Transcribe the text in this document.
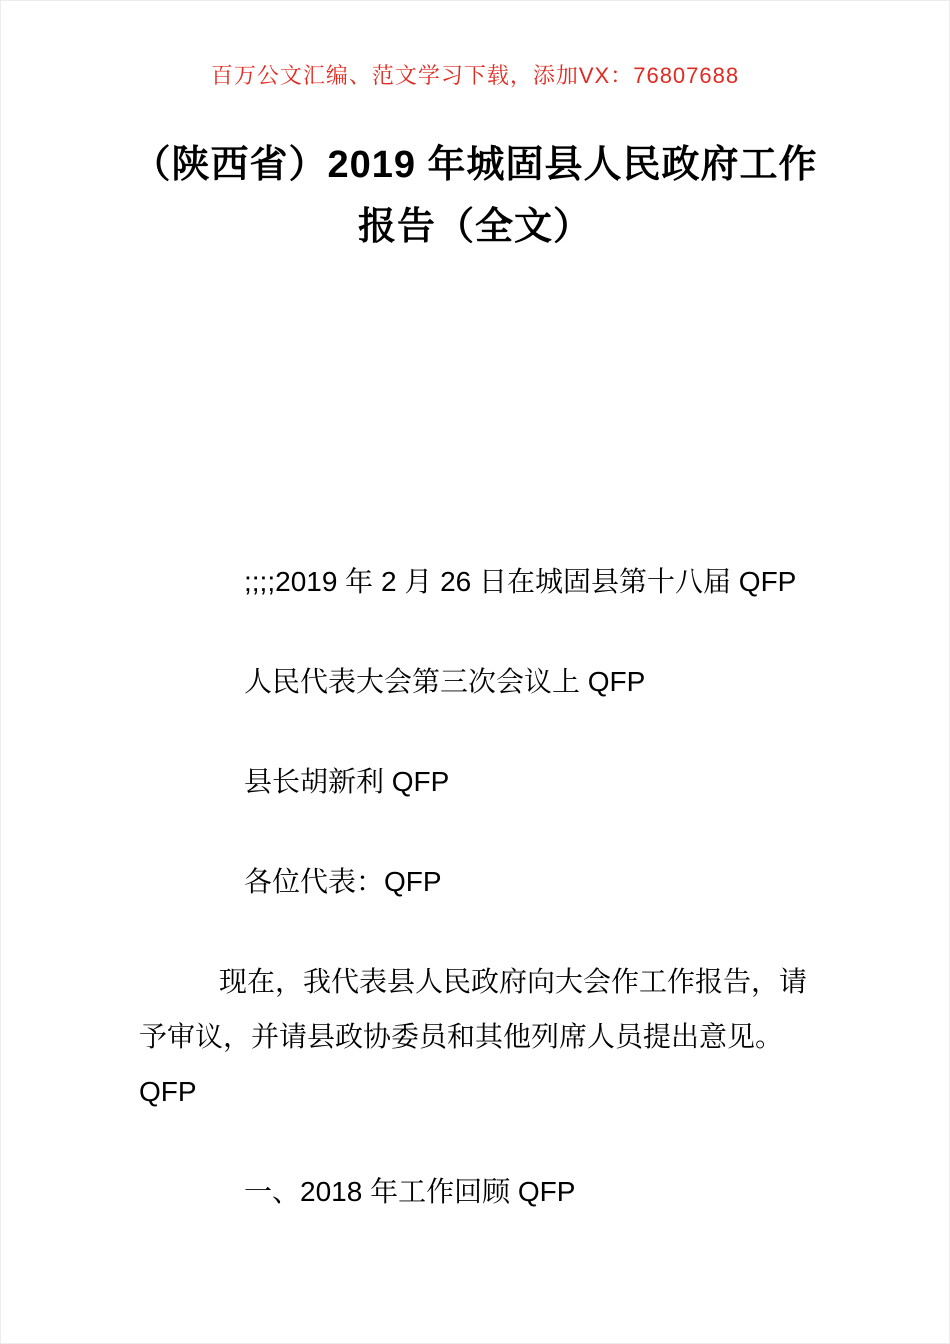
百万公文汇编、范文学习下载，添加VX：76807688
（陕西省）2019 年城固县人民政府工作报告（全文）

;;;;2019 年 2 月 26 日在城固县第十八届 QFP

人民代表大会第三次会议上 QFP

县长胡新利 QFP

各位代表：QFP

现在，我代表县人民政府向大会作工作报告，请予审议，并请县政协委员和其他列席人员提出意见。QFP

一、2018 年工作回顾 QFP
